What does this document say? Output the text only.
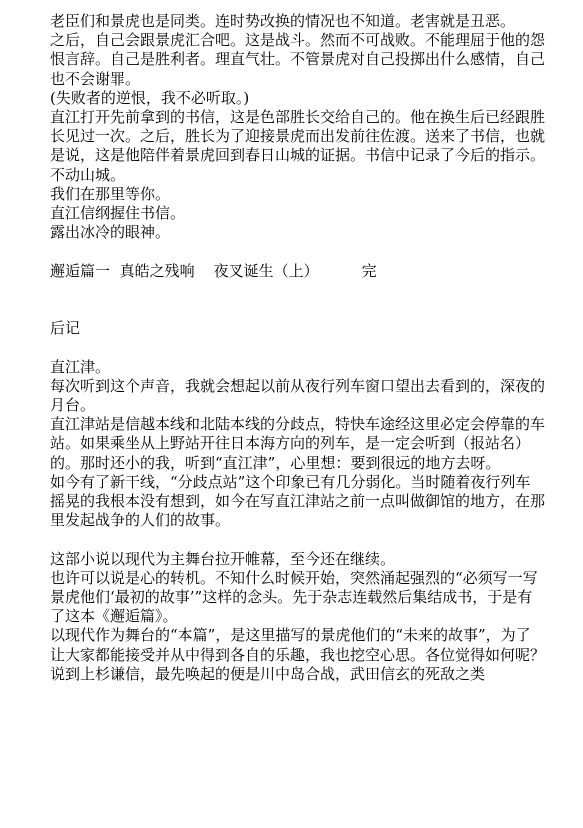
老臣们和景虎也是同类。连时势改换的情况也不知道。老害就是丑恶。

之后，自己会跟景虎汇合吧。这是战斗。然而不可战败。不能理屈于他的怨恨言辞。自己是胜利者。理直气壮。不管景虎对自己投掷出什么感情，自己也不会谢罪。

(失败者的逆恨，我不必听取。)

直江打开先前拿到的书信，这是色部胜长交给自己的。他在换生后已经跟胜长见过一次。之后，胜长为了迎接景虎而出发前往佐渡。送来了书信，也就是说，这是他陪伴着景虎回到春日山城的证据。书信中记录了今后的指示。

不动山城。

我们在那里等你。

直江信纲握住书信。

露出冰冷的眼神。

邂逅篇一 真皓之残响 夜叉诞生（上）	完

后记

直江津。

每次听到这个声音，我就会想起以前从夜行列车窗口望出去看到的，深夜的月台。

直江津站是信越本线和北陆本线的分歧点，特快车途经这里必定会停靠的车站。如果乘坐从上野站开往日本海方向的列车，是一定会听到（报站名）的。那时还小的我，听到“直江津”，心里想：要到很远的地方去呀。

如今有了新干线，“分歧点站”这个印象已有几分弱化。当时随着夜行列车摇晃的我根本没有想到，如今在写直江津站之前一点叫做御馆的地方，在那里发起战争的人们的故事。

这部小说以现代为主舞台拉开帷幕，至今还在继续。

也许可以说是心的转机。不知什么时候开始，突然涌起强烈的“必须写一写景虎他们‘最初的故事’”这样的念头。先于杂志连载然后集结成书，于是有了这本《邂逅篇》。

以现代作为舞台的“本篇”，是这里描写的景虎他们的“未来的故事”，为了让大家都能接受并从中得到各自的乐趣，我也挖空心思。各位觉得如何呢？

说到上杉谦信，最先唤起的便是川中岛合战，武田信玄的死敌之类
